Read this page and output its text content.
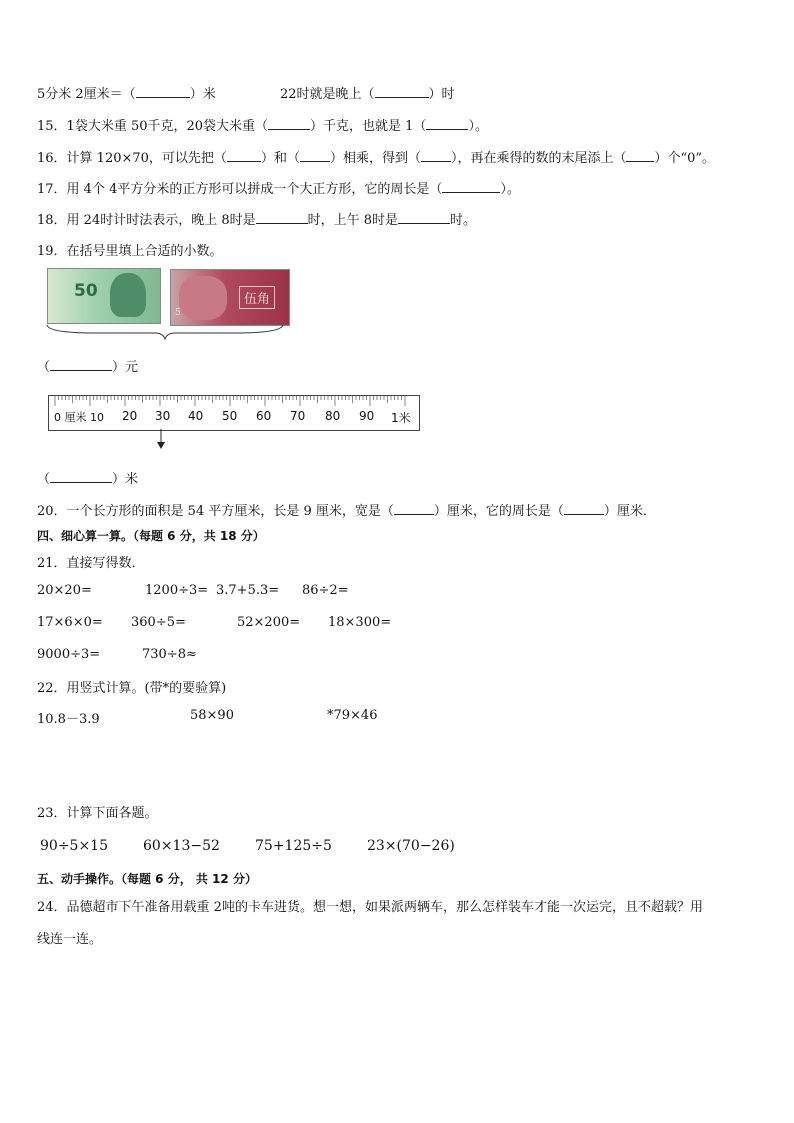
5分米 2厘米＝（	）米	22时就是晚上（	）时
15．1袋大米重 50千克，20袋大米重（	）千克，也就是 1（	）。
16．计算 120×70，可以先把（	）和（ ）相乘，得到（ ），再在乘得的数的末尾添上（ ）个“0”。
17．用 4个 4平方分米的正方形可以拼成一个大正方形，它的周长是（	）。
18．用 24时计时法表示，晚上 8时是	时，上午 8时是	时。
19．在括号里填上合适的小数。
50	伍角
5
（	）元
0 厘米 10 20 30 40 50 60 70 80 90 1米
（	）米
20．一个长方形的面积是 54 平方厘米，长是 9 厘米，宽是（	）厘米，它的周长是（	）厘米．
四、细心算一算。（每题 6 分，共 18 分）
21．直接写得数．
20×20=	1200÷3= 3.7+5.3= 86÷2=
17×6×0= 360÷5=	52×200= 18×300=
9000÷3=	730÷8≈
22．用竖式计算。(带*的要验算)
10.8－3.9	58×90	*79×46
23．计算下面各题。
90÷5×15	60×13−52	75+125÷5	23×(70−26)
五、动手操作。（每题 6 分， 共 12 分）
24．品德超市下午准备用载重 2吨的卡车进货。想一想，如果派两辆车，那么怎样装车才能一次运完，且不超载？用
线连一连。
